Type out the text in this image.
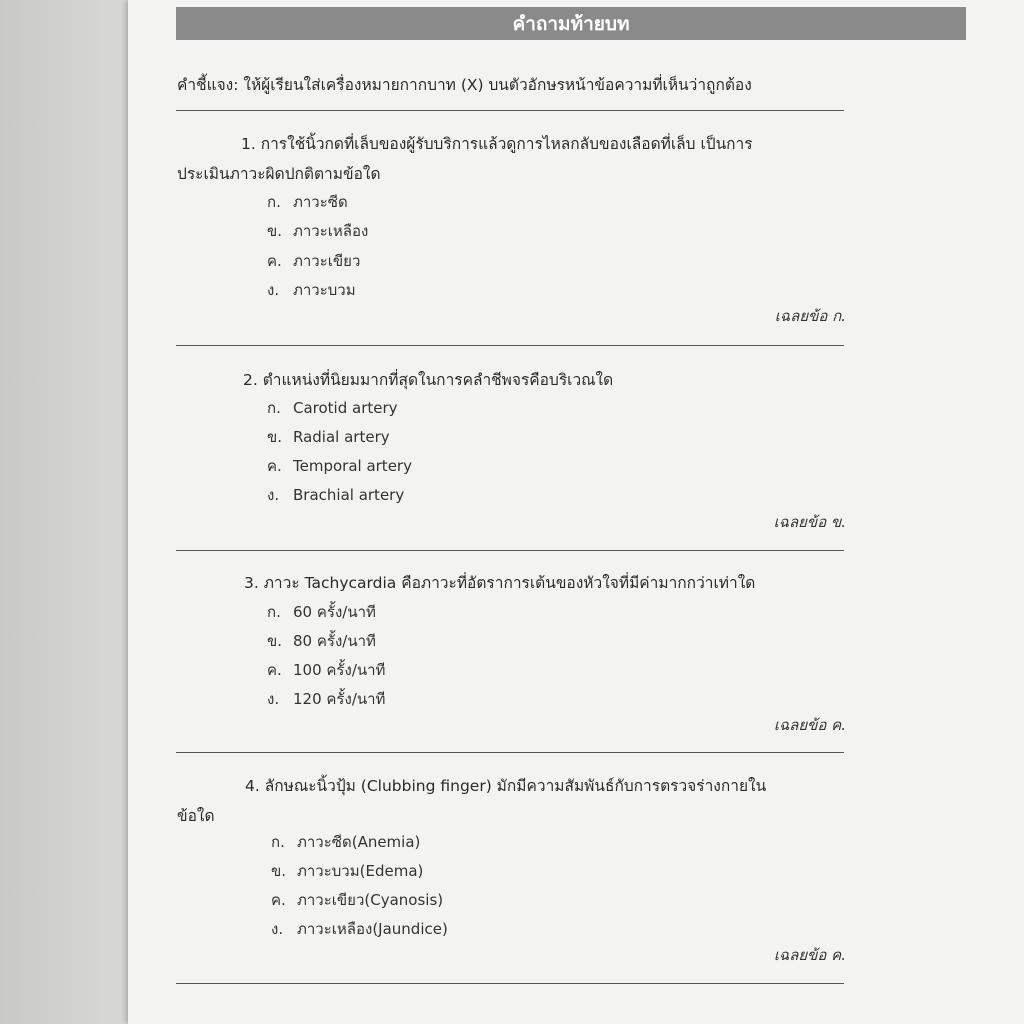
คำถามท้ายบท
คำชี้แจง: ให้ผู้เรียนใส่เครื่องหมายกากบาท (X) บนตัวอักษรหน้าข้อความที่เห็นว่าถูกต้อง
1. การใช้นิ้วกดที่เล็บของผู้รับบริการแล้วดูการไหลกลับของเลือดที่เล็บ เป็นการ
ประเมินภาวะผิดปกติตามข้อใด
ก. ภาวะซีด
ข. ภาวะเหลือง
ค. ภาวะเขียว
ง. ภาวะบวม
เฉลยข้อ ก.
2. ตำแหน่งที่นิยมมากที่สุดในการคลำชีพจรคือบริเวณใด
ก. Carotid artery
ข. Radial artery
ค. Temporal artery
ง. Brachial artery
เฉลยข้อ ข.
3. ภาวะ Tachycardia คือภาวะที่อัตราการเต้นของหัวใจที่มีค่ามากกว่าเท่าใด
ก. 60 ครั้ง/นาที
ข. 80 ครั้ง/นาที
ค. 100 ครั้ง/นาที
ง. 120 ครั้ง/นาที
เฉลยข้อ ค.
4. ลักษณะนิ้วปุ้ม (Clubbing finger) มักมีความสัมพันธ์กับการตรวจร่างกายใน
ข้อใด
ก. ภาวะซีด(Anemia)
ข. ภาวะบวม(Edema)
ค. ภาวะเขียว(Cyanosis)
ง. ภาวะเหลือง(Jaundice)
เฉลยข้อ ค.
